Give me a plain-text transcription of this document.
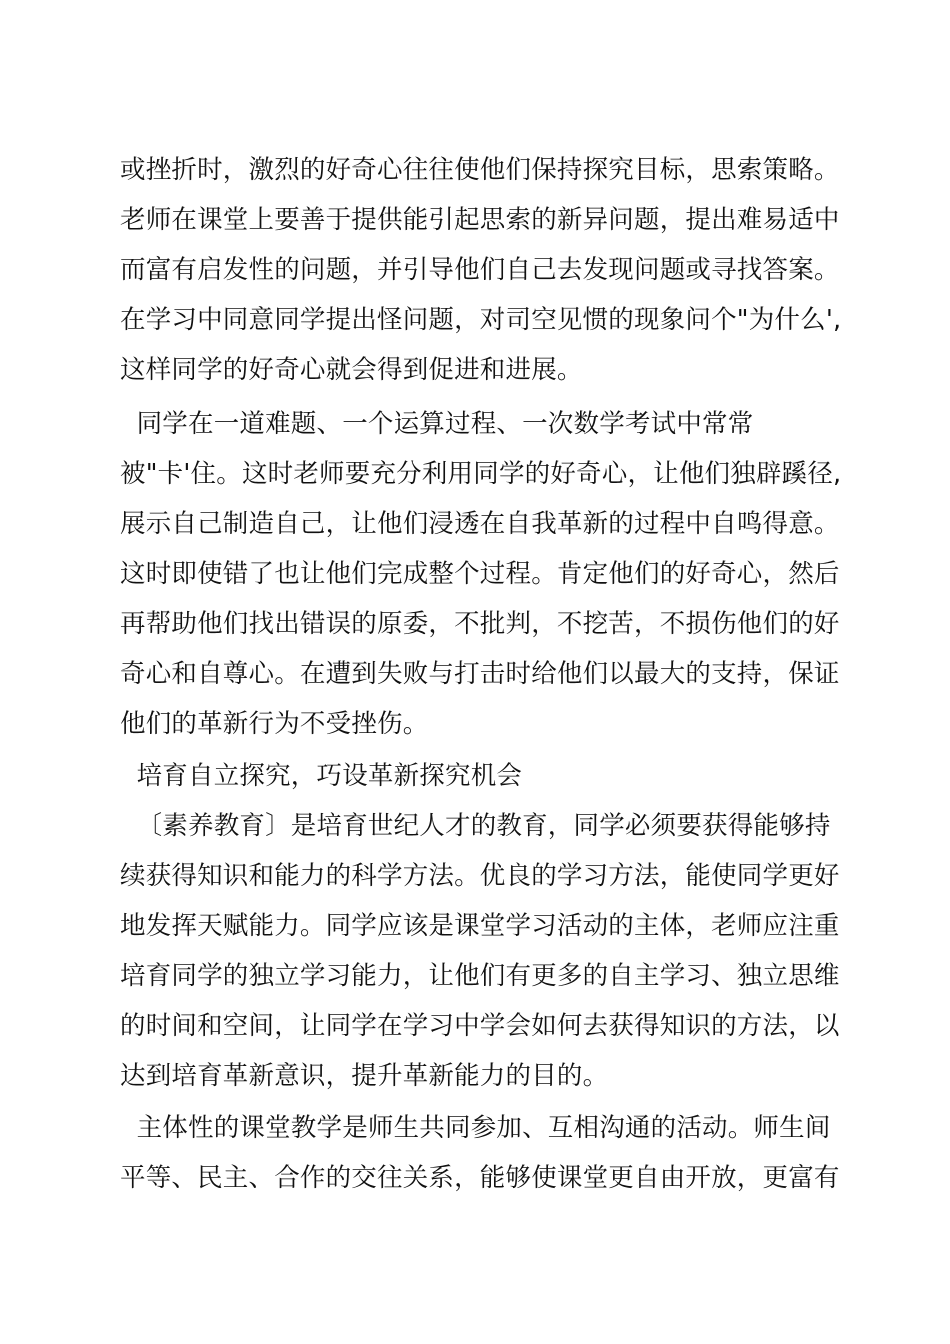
或挫折时，激烈的好奇心往往使他们保持探究目标，思索策略。
老师在课堂上要善于提供能引起思索的新异问题，提出难易适中
而富有启发性的问题，并引导他们自己去发现问题或寻找答案。
在学习中同意同学提出怪问题，对司空见惯的现象问个"为什么',
这样同学的好奇心就会得到促进和进展。
同学在一道难题、一个运算过程、一次数学考试中常常
被"卡'住。这时老师要充分利用同学的好奇心，让他们独辟蹊径,
展示自己制造自己，让他们浸透在自我革新的过程中自鸣得意。
这时即使错了也让他们完成整个过程。肯定他们的好奇心，然后
再帮助他们找出错误的原委，不批判，不挖苦，不损伤他们的好
奇心和自尊心。在遭到失败与打击时给他们以最大的支持，保证
他们的革新行为不受挫伤。
培育自立探究，巧设革新探究机会
〔素养教育〕是培育世纪人才的教育，同学必须要获得能够持
续获得知识和能力的科学方法。优良的学习方法，能使同学更好
地发挥天赋能力。同学应该是课堂学习活动的主体，老师应注重
培育同学的独立学习能力，让他们有更多的自主学习、独立思维
的时间和空间，让同学在学习中学会如何去获得知识的方法，以
达到培育革新意识，提升革新能力的目的。
主体性的课堂教学是师生共同参加、互相沟通的活动。师生间
平等、民主、合作的交往关系，能够使课堂更自由开放，更富有
